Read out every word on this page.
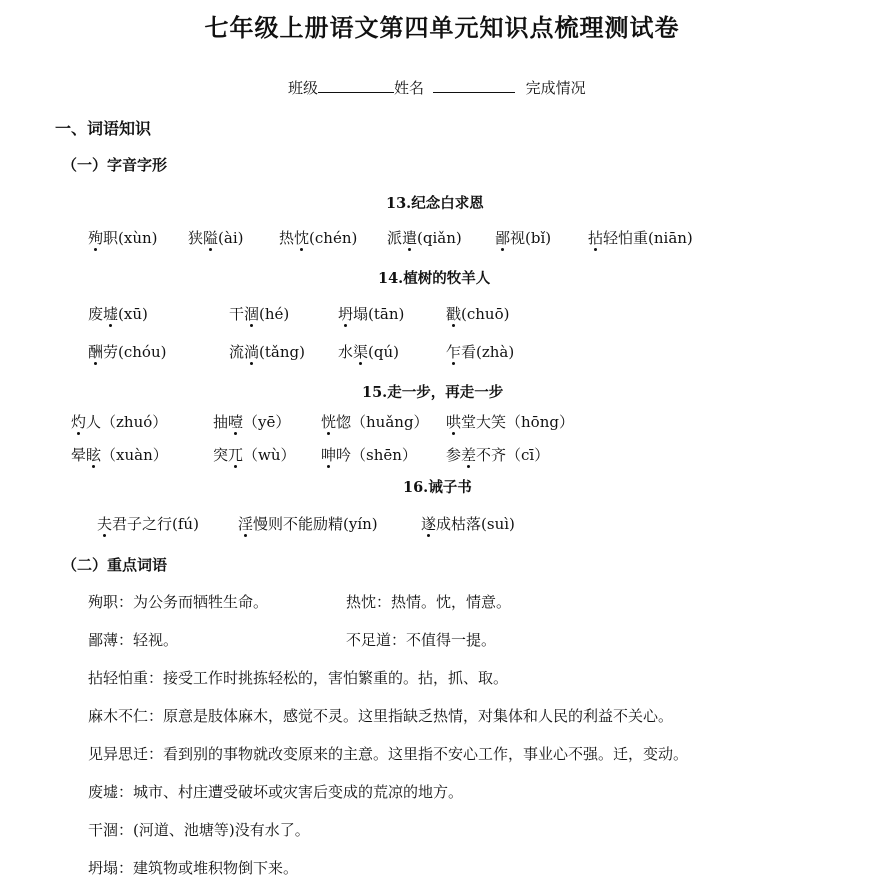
七年级上册语文第四单元知识点梳理测试卷
班级	姓名	完成情况
一、词语知识
（一）字音字形
13.纪念白求恩
殉职(xùn) 狭隘(ài) 热忱(chén) 派遣(qiǎn) 鄙视(bǐ) 拈轻怕重(niān)
14.植树的牧羊人
废墟(xū)	干涸(hé)	坍塌(tān)	戳(chuō)
酬劳(chóu)	流淌(tǎng) 水渠(qú)	乍看(zhà)
15.走一步，再走一步
灼人（zhuó）	抽噎（yē） 恍惚（huǎng） 哄堂大笑（hōng）
晕眩（xuàn）	突兀（wù） 呻吟（shēn） 参差不齐（cī）
16.诫子书
夫君子之行(fú)	淫慢则不能励精(yín)	遂成枯落(suì)
（二）重点词语
殉职：为公务而牺牲生命。	热忱：热情。忱，情意。
鄙薄：轻视。	不足道：不值得一提。
拈轻怕重：接受工作时挑拣轻松的，害怕繁重的。拈，抓、取。
麻木不仁：原意是肢体麻木，感觉不灵。这里指缺乏热情，对集体和人民的利益不关心。
见异思迁：看到别的事物就改变原来的主意。这里指不安心工作，事业心不强。迁，变动。
废墟：城市、村庄遭受破坏或灾害后变成的荒凉的地方。
干涸：(河道、池塘等)没有水了。
坍塌：建筑物或堆积物倒下来。
